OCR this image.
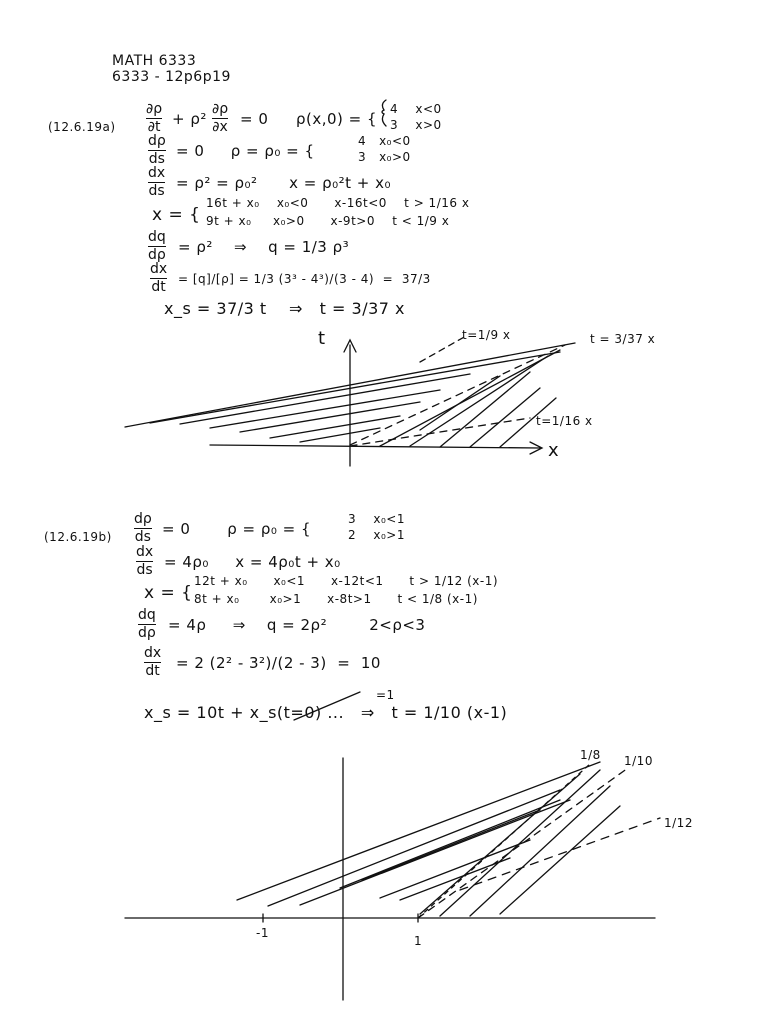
MATH 6333
6333 - 12p6p19
(12.6.19a)
∂ρ
∂t + ρ²
∂ρ
∂x = 0 ρ(x,0) = {
4    x<0
3    x>0
dρ
ds = 0     ρ = ρ₀ = {
4   x₀<0
3   x₀>0
dx
ds = ρ² = ρ₀²      x = ρ₀²t + x₀
x = {
16t + x₀    x₀<0      x-16t<0    t > 1/16 x
9t + x₀     x₀>0      x-9t>0    t < 1/9 x
dq
dρ = ρ²    ⇒    q = 1/3 ρ³
dx
dt = [q]/[ρ] = 1/3 (3³ - 4³)/(3 - 4)  =  37/3
x_s = 37/3 t    ⇒   t = 3/37 x
(12.6.19b)
dρ
ds = 0       ρ = ρ₀ = {
3    x₀<1
2    x₀>1
dx
ds = 4ρ₀     x = 4ρ₀t + x₀
x = {
12t + x₀      x₀<1      x-12t<1      t > 1/12 (x-1)
8t + x₀       x₀>1      x-8t>1      t < 1/8 (x-1)
dq
dρ = 4ρ     ⇒    q = 2ρ²        2<ρ<3
dx
dt = 2 (2² - 3²)/(2 - 3)  =  10
x_s = 10t + x_s(t=0) ...   ⇒   t = 1/10 (x-1)
=1
t
x
t=1/9 x	t = 3/37 x
t=1/16 x
1/8 1/10
1/12
-1
1
